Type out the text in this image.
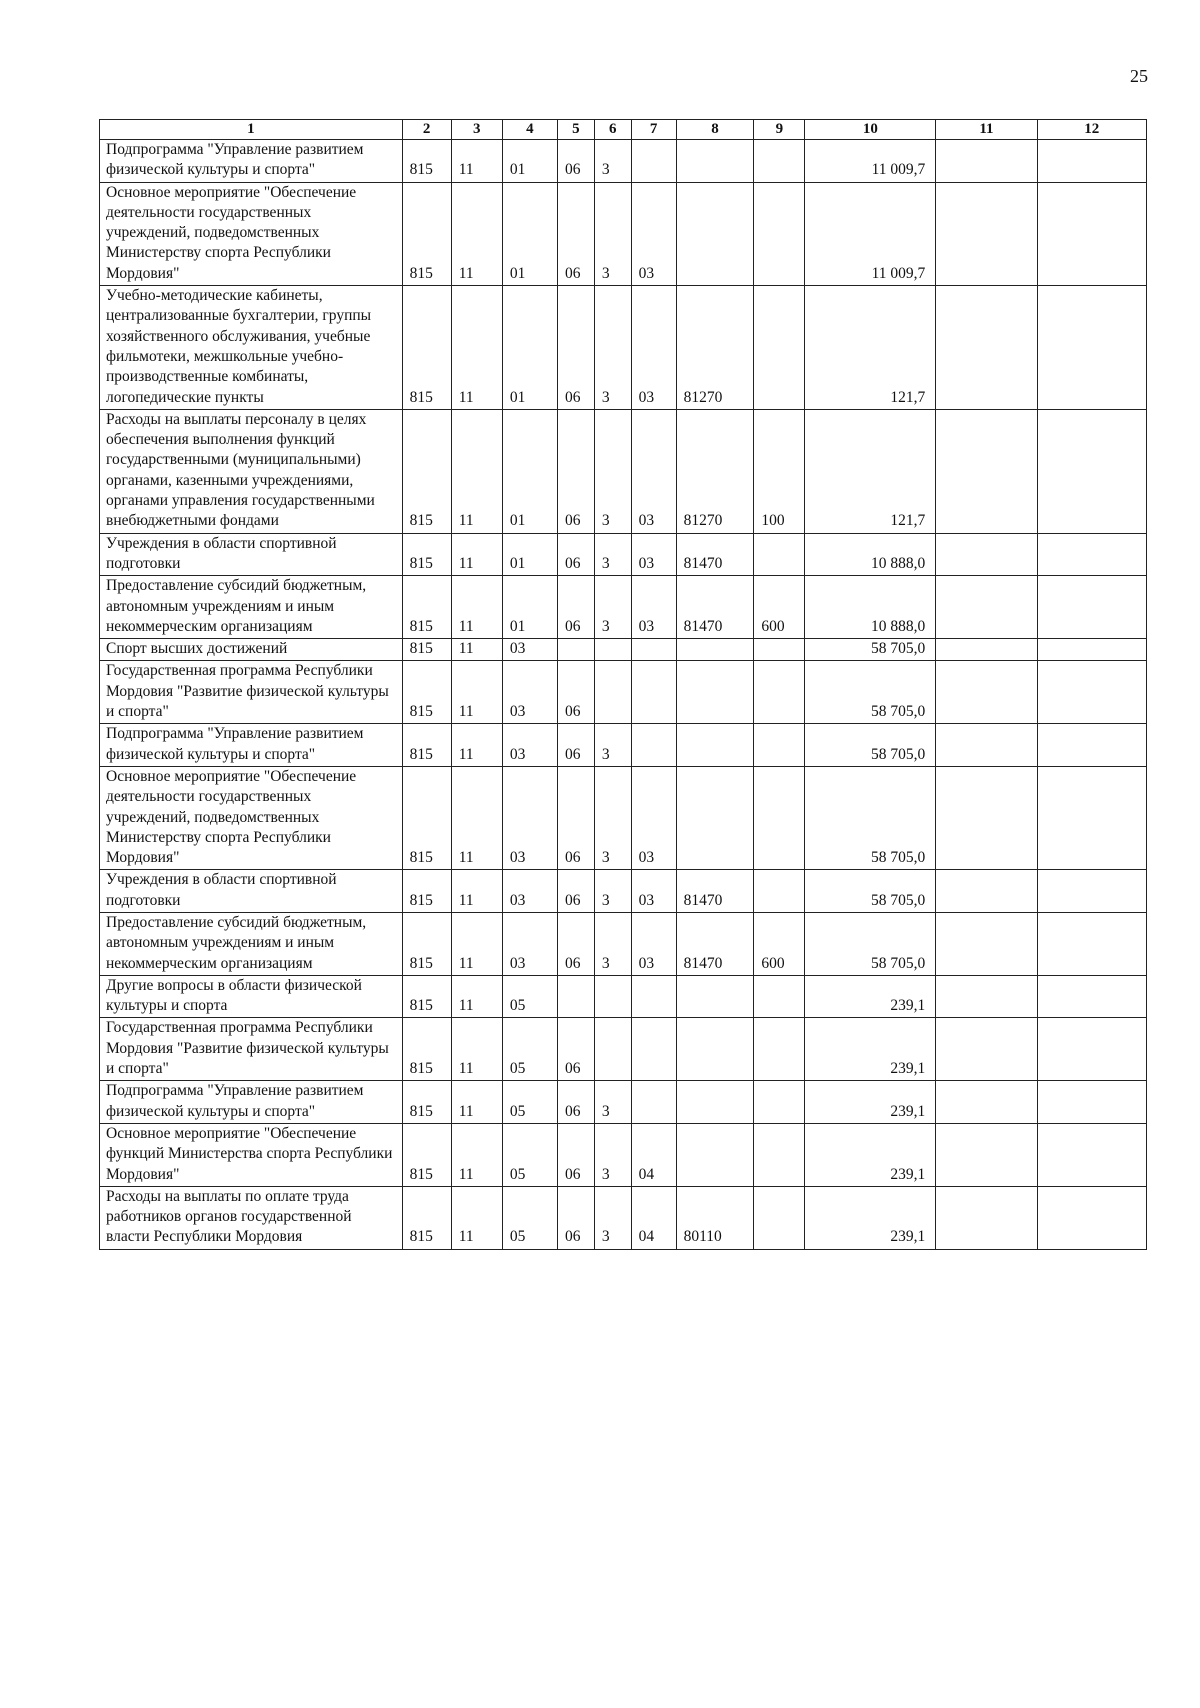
25
1	2	3	4	5	6	7	8	9	10	11	12
Подпрограмма "Управление развитием физической культуры и спорта"	815	11	01	06	3				11 009,7		
Основное мероприятие "Обеспечение деятельности государственных учреждений, подведомственных Министерству спорта Республики Мордовия"	815	11	01	06	3	03			11 009,7		
Учебно-методические кабинеты, централизованные бухгалтерии, группы хозяйственного обслуживания, учебные фильмотеки, межшкольные учебно-производственные комбинаты, логопедические пункты	815	11	01	06	3	03	81270		121,7		
Расходы на выплаты персоналу в целях обеспечения выполнения функций государственными (муниципальными) органами, казенными учреждениями, органами управления государственными внебюджетными фондами	815	11	01	06	3	03	81270	100	121,7		
Учреждения в области спортивной подготовки	815	11	01	06	3	03	81470		10 888,0		
Предоставление субсидий бюджетным, автономным учреждениям и иным некоммерческим организациям	815	11	01	06	3	03	81470	600	10 888,0		
Спорт высших достижений	815	11	03						58 705,0		
Государственная программа Республики Мордовия "Развитие физической культуры и спорта"	815	11	03	06					58 705,0		
Подпрограмма "Управление развитием физической культуры и спорта"	815	11	03	06	3				58 705,0		
Основное мероприятие "Обеспечение деятельности государственных учреждений, подведомственных Министерству спорта Республики Мордовия"	815	11	03	06	3	03			58 705,0		
Учреждения в области спортивной подготовки	815	11	03	06	3	03	81470		58 705,0		
Предоставление субсидий бюджетным, автономным учреждениям и иным некоммерческим организациям	815	11	03	06	3	03	81470	600	58 705,0		
Другие вопросы в области физической культуры и спорта	815	11	05						239,1		
Государственная программа Республики Мордовия "Развитие физической культуры и спорта"	815	11	05	06					239,1		
Подпрограмма "Управление развитием физической культуры и спорта"	815	11	05	06	3				239,1		
Основное мероприятие "Обеспечение функций Министерства спорта Республики Мордовия"	815	11	05	06	3	04			239,1		
Расходы на выплаты по оплате труда работников органов государственной власти Республики Мордовия	815	11	05	06	3	04	80110		239,1		
